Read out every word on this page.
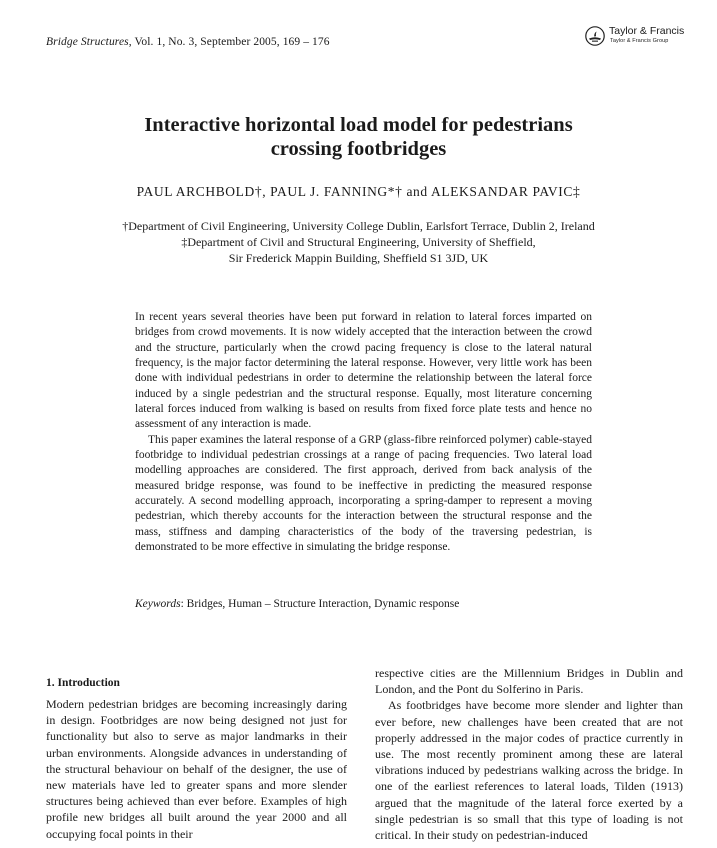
Bridge Structures, Vol. 1, No. 3, September 2005, 169 – 176
Taylor & Francis
Taylor & Francis Group
Interactive horizontal load model for pedestrians
crossing footbridges
PAUL ARCHBOLD†, PAUL J. FANNING*† and ALEKSANDAR PAVIC‡
†Department of Civil Engineering, University College Dublin, Earlsfort Terrace, Dublin 2, Ireland
‡Department of Civil and Structural Engineering, University of Sheffield,
Sir Frederick Mappin Building, Sheffield S1 3JD, UK

In recent years several theories have been put forward in relation to lateral forces imparted on bridges from crowd movements. It is now widely accepted that the interaction between the crowd and the structure, particularly when the crowd pacing frequency is close to the lateral natural frequency, is the major factor determining the lateral response. However, very little work has been done with individual pedestrians in order to determine the relationship between the lateral force induced by a single pedestrian and the structural response. Equally, most literature concerning lateral forces induced from walking is based on results from fixed force plate tests and hence no assessment of any interaction is made.

This paper examines the lateral response of a GRP (glass-fibre reinforced polymer) cable-stayed footbridge to individual pedestrian crossings at a range of pacing frequencies. Two lateral load modelling approaches are considered. The first approach, derived from back analysis of the measured bridge response, was found to be ineffective in predicting the measured response accurately. A second modelling approach, incorporating a spring-damper to represent a moving pedestrian, which thereby accounts for the interaction between the structural response and the mass, stiffness and damping characteristics of the body of the traversing pedestrian, is demonstrated to be more effective in simulating the bridge response.

Keywords: Bridges, Human – Structure Interaction, Dynamic response
1. Introduction

Modern pedestrian bridges are becoming increasingly daring in design. Footbridges are now being designed not just for functionality but also to serve as major landmarks in their urban environments. Alongside advances in understanding of the structural behaviour on behalf of the designer, the use of new materials have led to greater spans and more slender structures being achieved than ever before. Examples of high profile new bridges all built around the year 2000 and all occupying focal points in their

respective cities are the Millennium Bridges in Dublin and London, and the Pont du Solferino in Paris.

As footbridges have become more slender and lighter than ever before, new challenges have been created that are not properly addressed in the major codes of practice currently in use. The most recently prominent among these are lateral vibrations induced by pedestrians walking across the bridge. In one of the earliest references to lateral loads, Tilden (1913) argued that the magnitude of the lateral force exerted by a single pedestrian is so small that this type of loading is not critical. In their study on pedestrian-induced
